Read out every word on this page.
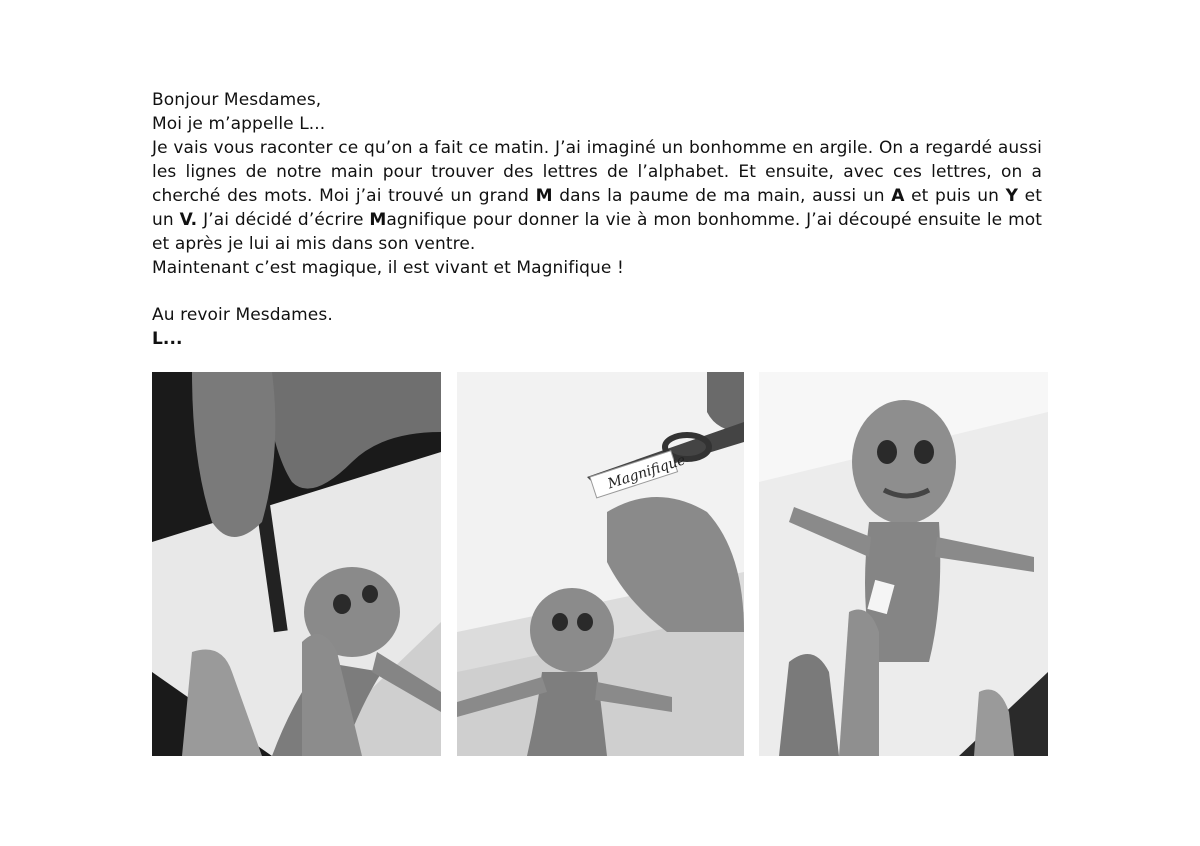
Bonjour Mesdames,

Moi je m’appelle L...

Je vais vous raconter ce qu’on a fait ce matin. J’ai imaginé un bonhomme en argile. On a regardé aussi les lignes de notre main pour trouver des lettres de l’alphabet. Et ensuite, avec ces lettres, on a cherché des mots. Moi j’ai trouvé un grand M dans la paume de ma main, aussi un A et puis un Y et un V. J’ai décidé d’écrire Magnifique pour donner la vie à mon bonhomme. J’ai découpé ensuite le mot et après je lui ai mis dans son ventre.

Maintenant c’est magique, il est vivant et Magnifique !

Au revoir Mesdames.

L...

Magnifique
